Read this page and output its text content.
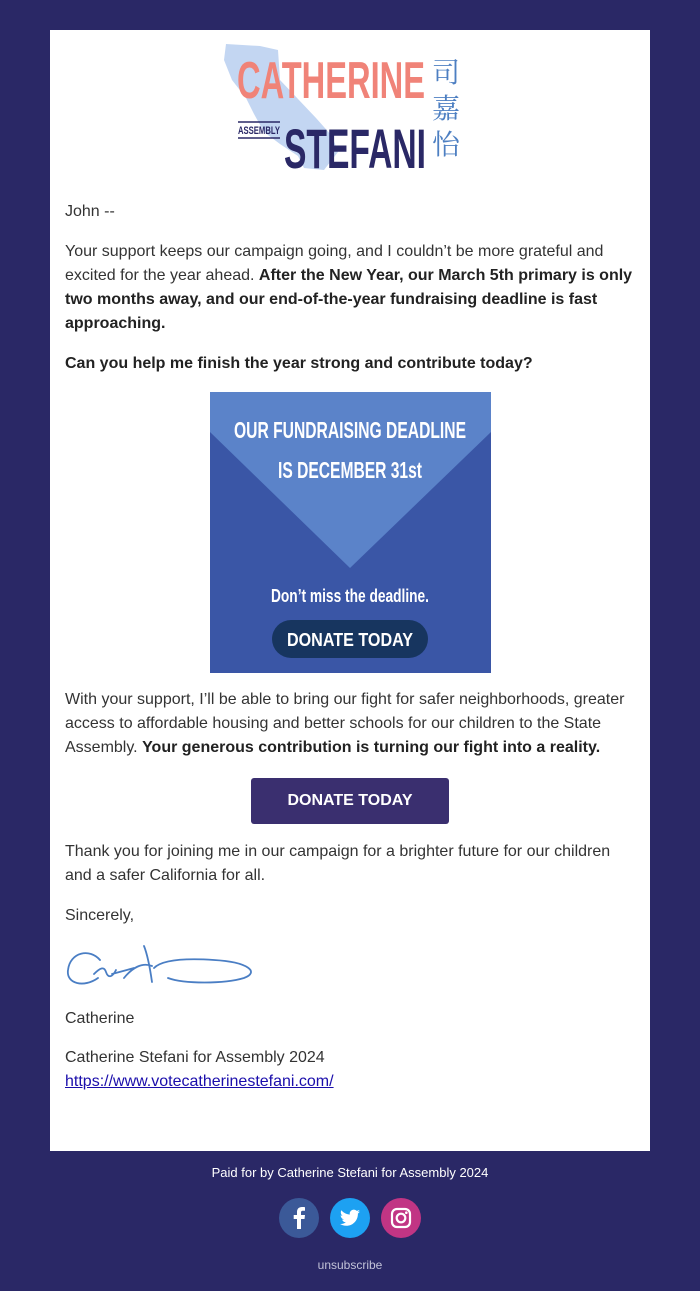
CATHERINE
ASSEMBLY STEFANI
司
嘉
怡

John --

Your support keeps our campaign going, and I couldn’t be more grateful and excited for the year ahead. After the New Year, our March 5th primary is only two months away, and our end-of-the-year fundraising deadline is fast approaching.

Can you help me finish the year strong and contribute today?

OUR FUNDRAISING DEADLINE
IS DECEMBER 31st
Don’t miss the deadline.
DONATE TODAY

With your support, I’ll be able to bring our fight for safer neighborhoods, greater access to affordable housing and better schools for our children to the State Assembly. Your generous contribution is turning our fight into a reality.

DONATE TODAY

Thank you for joining me in our campaign for a brighter future for our children and a safer California for all.

Sincerely,

Catherine

Catherine Stefani for Assembly 2024

https://www.votecatherinestefani.com/

Paid for by Catherine Stefani for Assembly 2024
unsubscribe
